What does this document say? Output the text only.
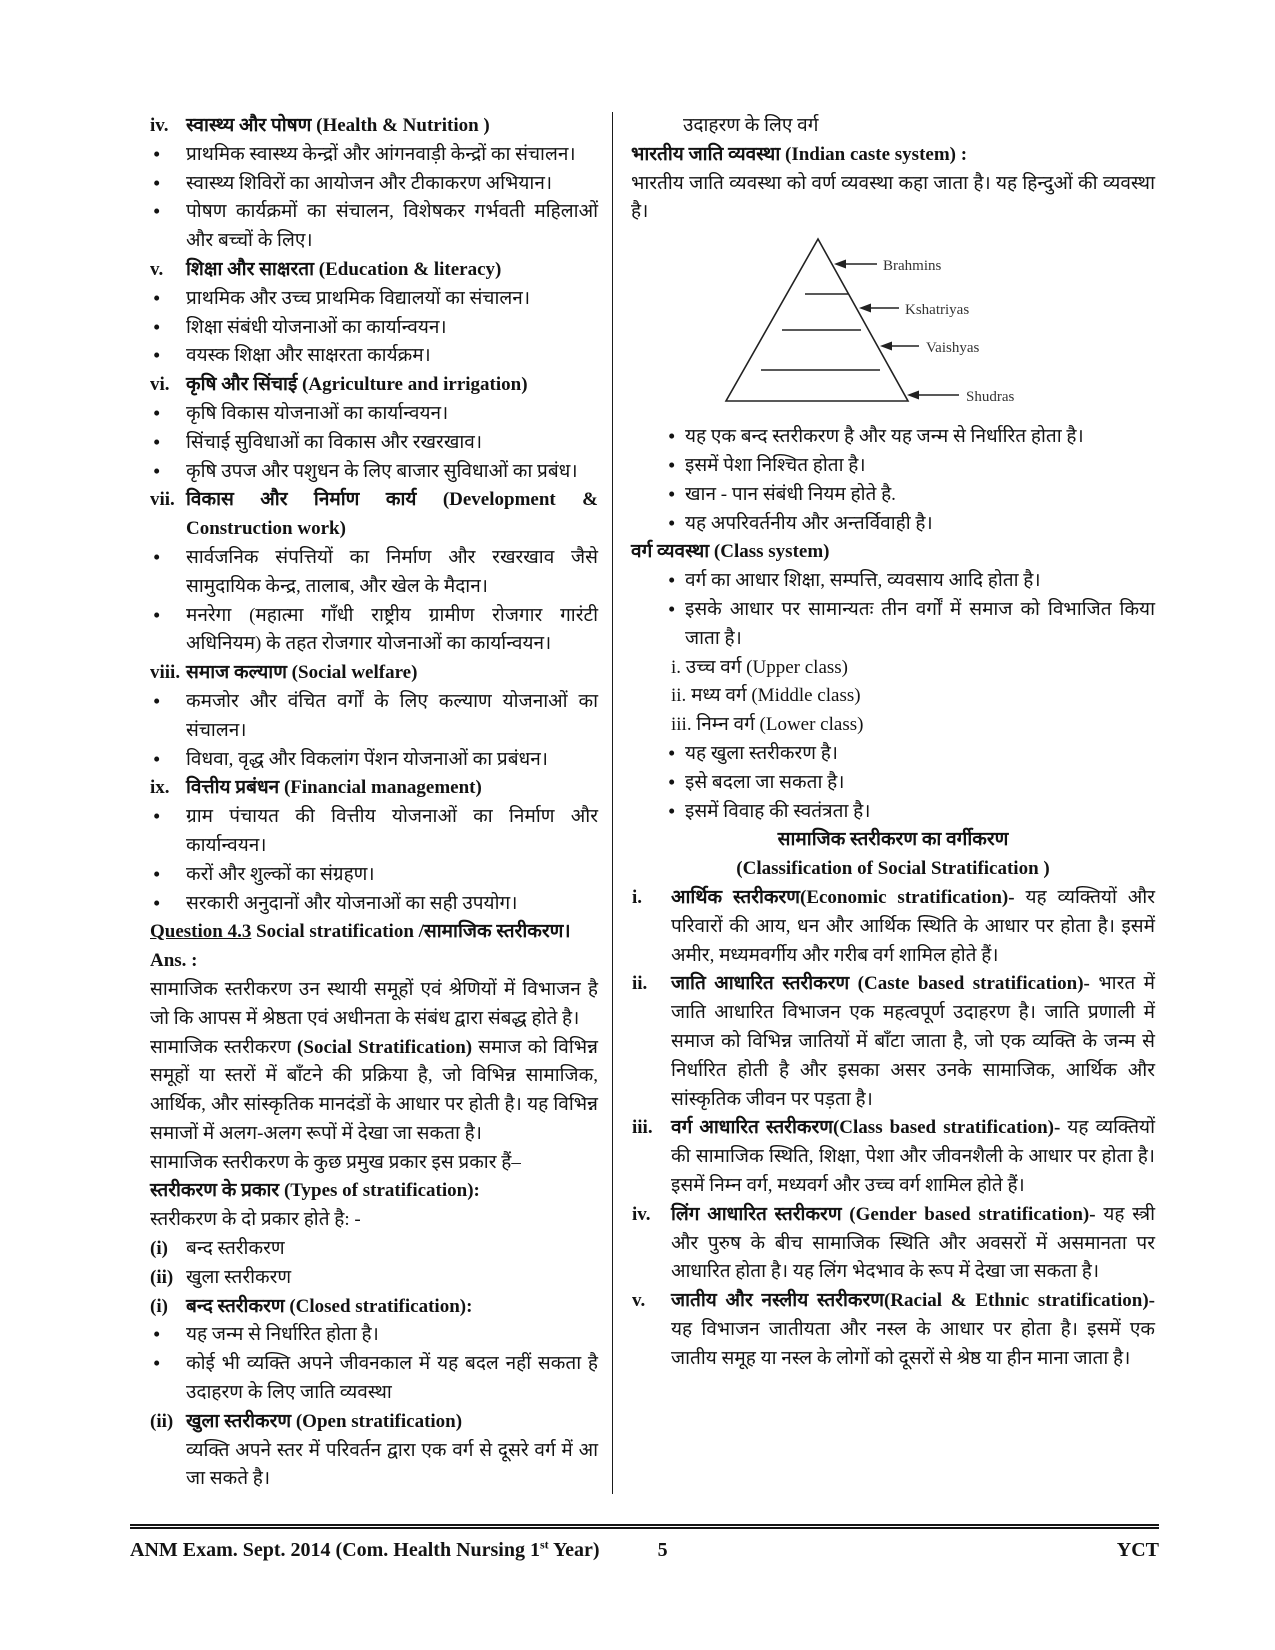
iv. स्वास्थ्य और पोषण (Health & Nutrition )
• प्राथमिक स्वास्थ्य केन्द्रों और आंगनवाड़ी केन्द्रों का संचालन।
• स्वास्थ्य शिविरों का आयोजन और टीकाकरण अभियान।
• पोषण कार्यक्रमों का संचालन, विशेषकर गर्भवती महिलाओं और बच्चों के लिए।
v. शिक्षा और साक्षरता (Education & literacy)
• प्राथमिक और उच्च प्राथमिक विद्यालयों का संचालन।
• शिक्षा संबंधी योजनाओं का कार्यान्वयन।
• वयस्क शिक्षा और साक्षरता कार्यक्रम।
vi. कृषि और सिंचाई (Agriculture and irrigation)
• कृषि विकास योजनाओं का कार्यान्वयन।
• सिंचाई सुविधाओं का विकास और रखरखाव।
• कृषि उपज और पशुधन के लिए बाजार सुविधाओं का प्रबंध।
vii. विकास और निर्माण कार्य (Development & Construction work)
• सार्वजनिक संपत्तियों का निर्माण और रखरखाव जैसे सामुदायिक केन्द्र, तालाब, और खेल के मैदान।
• मनरेगा (महात्मा गाँधी राष्ट्रीय ग्रामीण रोजगार गारंटी अधिनियम) के तहत रोजगार योजनाओं का कार्यान्वयन।
viii. समाज कल्याण (Social welfare)
• कमजोर और वंचित वर्गों के लिए कल्याण योजनाओं का संचालन।
• विधवा, वृद्ध और विकलांग पेंशन योजनाओं का प्रबंधन।
ix. वित्तीय प्रबंधन (Financial management)
• ग्राम पंचायत की वित्तीय योजनाओं का निर्माण और कार्यान्वयन।
• करों और शुल्कों का संग्रहण।
• सरकारी अनुदानों और योजनाओं का सही उपयोग।
Question 4.3 Social stratification /सामाजिक स्तरीकरण।
Ans. :
सामाजिक स्तरीकरण उन स्थायी समूहों एवं श्रेणियों में विभाजन है जो कि आपस में श्रेष्ठता एवं अधीनता के संबंध द्वारा संबद्ध होते है।
सामाजिक स्तरीकरण (Social Stratification) समाज को विभिन्न समूहों या स्तरों में बाँटने की प्रक्रिया है, जो विभिन्न सामाजिक, आर्थिक, और सांस्कृतिक मानदंडों के आधार पर होती है। यह विभिन्न समाजों में अलग-अलग रूपों में देखा जा सकता है।
सामाजिक स्तरीकरण के कुछ प्रमुख प्रकार इस प्रकार हैं–
स्तरीकरण के प्रकार (Types of stratification):
स्तरीकरण के दो प्रकार होते है: -
(i) बन्द स्तरीकरण
(ii) खुला स्तरीकरण
(i) बन्द स्तरीकरण (Closed stratification):
• यह जन्म से निर्धारित होता है।
• कोई भी व्यक्ति अपने जीवनकाल में यह बदल नहीं सकता है उदाहरण के लिए जाति व्यवस्था
(ii) खुला स्तरीकरण (Open stratification)
व्यक्ति अपने स्तर में परिवर्तन द्वारा एक वर्ग से दूसरे वर्ग में आ जा सकते है।
उदाहरण के लिए वर्ग
भारतीय जाति व्यवस्था (Indian caste system) :
भारतीय जाति व्यवस्था को वर्ण व्यवस्था कहा जाता है। यह हिन्दुओं की व्यवस्था है।
Brahmins
Kshatriyas
Vaishyas
Shudras
• यह एक बन्द स्तरीकरण है और यह जन्म से निर्धारित होता है।
• इसमें पेशा निश्चित होता है।
• खान - पान संबंधी नियम होते है.
• यह अपरिवर्तनीय और अन्तर्विवाही है।
वर्ग व्यवस्था (Class system)
• वर्ग का आधार शिक्षा, सम्पत्ति, व्यवसाय आदि होता है।
• इसके आधार पर सामान्यतः तीन वर्गों में समाज को विभाजित किया जाता है।
i. उच्च वर्ग (Upper class)
ii. मध्य वर्ग (Middle class)
iii. निम्न वर्ग (Lower class)
• यह खुला स्तरीकरण है।
• इसे बदला जा सकता है।
• इसमें विवाह की स्वतंत्रता है।
सामाजिक स्तरीकरण का वर्गीकरण
(Classification of Social Stratification )
i. आर्थिक स्तरीकरण(Economic stratification)- यह व्यक्तियों और परिवारों की आय, धन और आर्थिक स्थिति के आधार पर होता है। इसमें अमीर, मध्यमवर्गीय और गरीब वर्ग शामिल होते हैं।
ii. जाति आधारित स्तरीकरण (Caste based stratification)- भारत में जाति आधारित विभाजन एक महत्वपूर्ण उदाहरण है। जाति प्रणाली में समाज को विभिन्न जातियों में बाँटा जाता है, जो एक व्यक्ति के जन्म से निर्धारित होती है और इसका असर उनके सामाजिक, आर्थिक और सांस्कृतिक जीवन पर पड़ता है।
iii. वर्ग आधारित स्तरीकरण(Class based stratification)- यह व्यक्तियों की सामाजिक स्थिति, शिक्षा, पेशा और जीवनशैली के आधार पर होता है। इसमें निम्न वर्ग, मध्यवर्ग और उच्च वर्ग शामिल होते हैं।
iv. लिंग आधारित स्तरीकरण (Gender based stratification)- यह स्त्री और पुरुष के बीच सामाजिक स्थिति और अवसरों में असमानता पर आधारित होता है। यह लिंग भेदभाव के रूप में देखा जा सकता है।
v. जातीय और नस्लीय स्तरीकरण(Racial & Ethnic stratification)- यह विभाजन जातीयता और नस्ल के आधार पर होता है। इसमें एक जातीय समूह या नस्ल के लोगों को दूसरों से श्रेष्ठ या हीन माना जाता है।
ANM Exam. Sept. 2014 (Com. Health Nursing 1st Year)	5	YCT
